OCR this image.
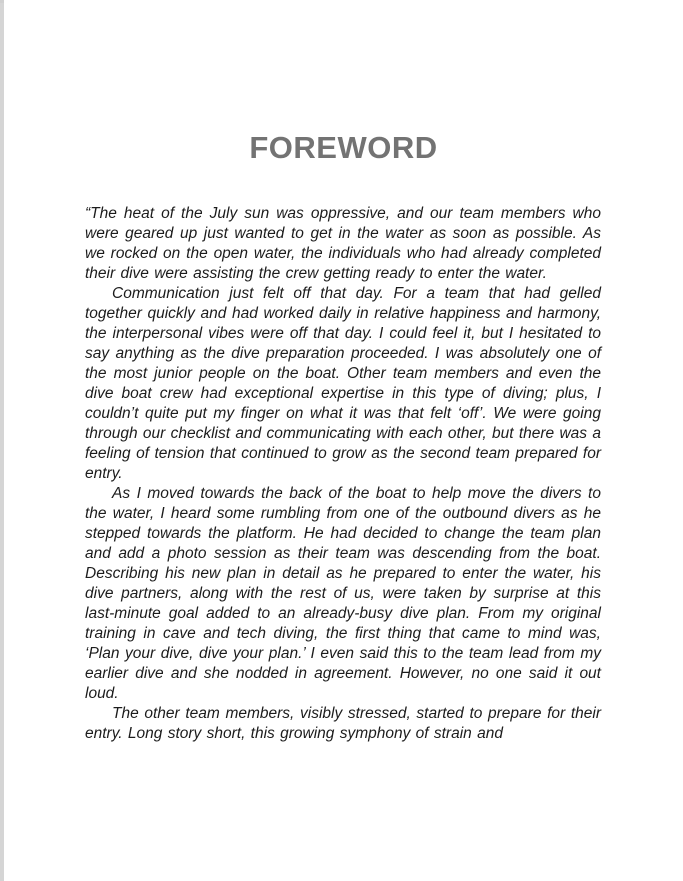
FOREWORD

“The heat of the July sun was oppressive, and our team members who were geared up just wanted to get in the water as soon as possible. As we rocked on the open water, the individuals who had already completed their dive were assisting the crew getting ready to enter the water.

Communication just felt off that day. For a team that had gelled together quickly and had worked daily in relative happiness and harmony, the interpersonal vibes were off that day. I could feel it, but I hesitated to say anything as the dive preparation proceeded. I was absolutely one of the most junior people on the boat. Other team members and even the dive boat crew had exceptional expertise in this type of diving; plus, I couldn’t quite put my finger on what it was that felt ‘off’. We were going through our checklist and communicating with each other, but there was a feeling of tension that continued to grow as the second team prepared for entry.

As I moved towards the back of the boat to help move the divers to the water, I heard some rumbling from one of the outbound divers as he stepped towards the platform. He had decided to change the team plan and add a photo session as their team was descending from the boat. Describing his new plan in detail as he prepared to enter the water, his dive partners, along with the rest of us, were taken by surprise at this last-minute goal added to an already-busy dive plan. From my original training in cave and tech diving, the first thing that came to mind was, ‘Plan your dive, dive your plan.’ I even said this to the team lead from my earlier dive and she nodded in agreement. However, no one said it out loud.

The other team members, visibly stressed, started to prepare for their entry. Long story short, this growing symphony of strain and
